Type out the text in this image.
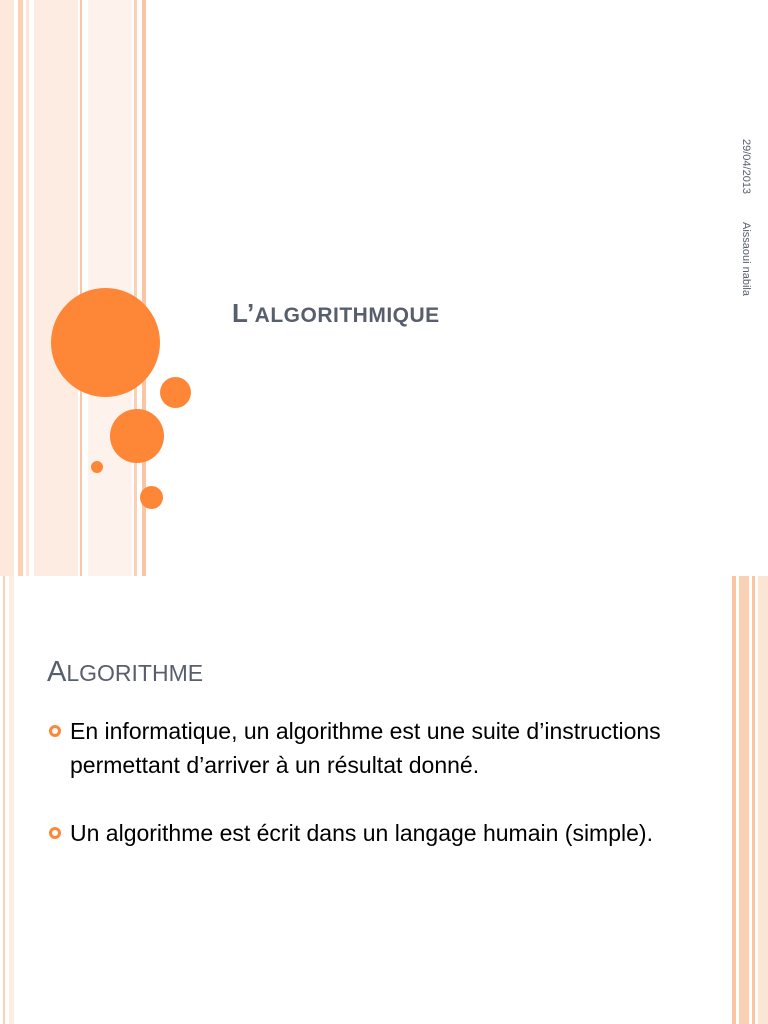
L’ALGORITHMIQUE
29/04/2013
Aissaoui nabila
ALGORITHME
En informatique, un algorithme est une suite d’instructions permettant d’arriver à un résultat donné.
Un algorithme est écrit dans un langage humain (simple).
